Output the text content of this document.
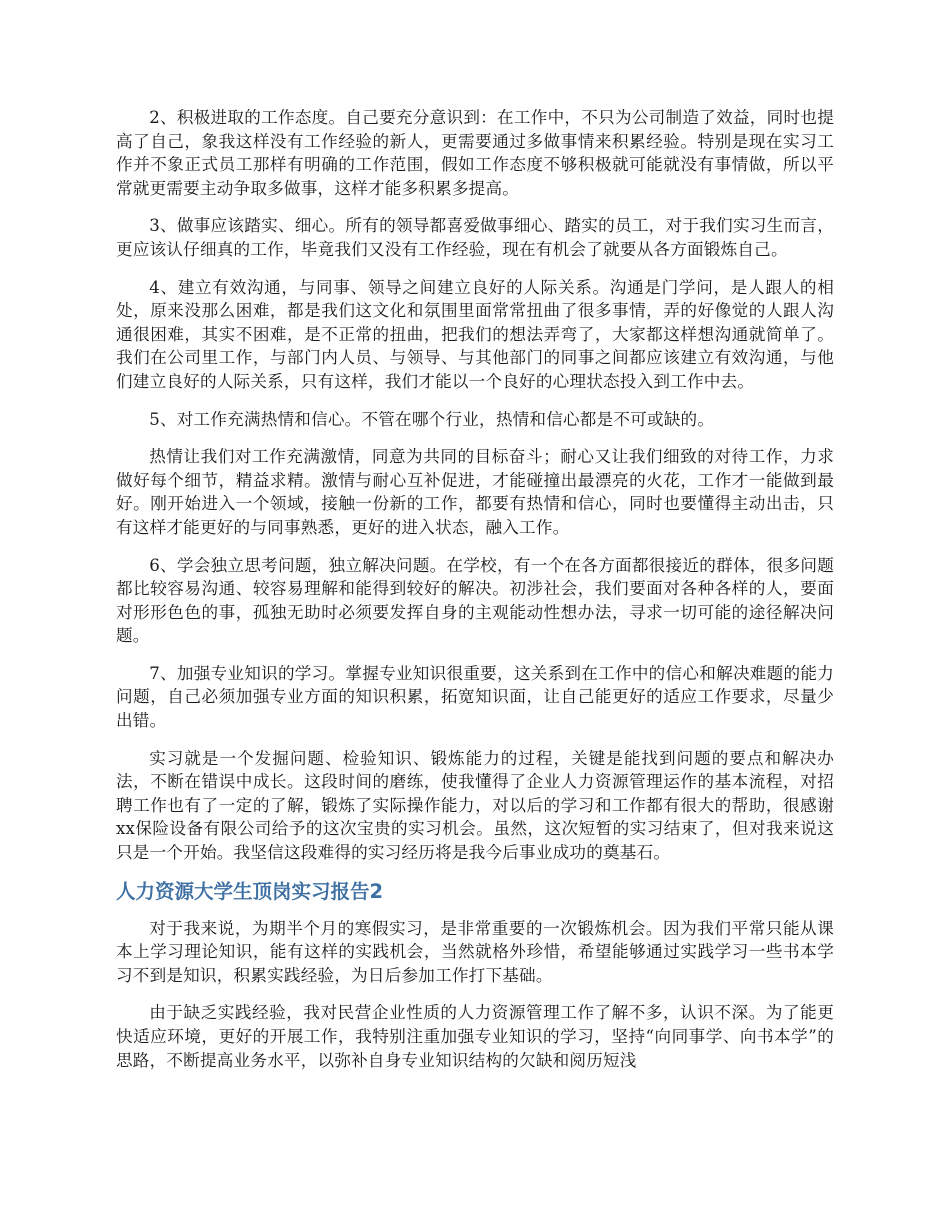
2、积极进取的工作态度。自己要充分意识到：在工作中，不只为公司制造了效益，同时也提高了自己，象我这样没有工作经验的新人，更需要通过多做事情来积累经验。特别是现在实习工作并不象正式员工那样有明确的工作范围，假如工作态度不够积极就可能就没有事情做，所以平常就更需要主动争取多做事，这样才能多积累多提高。

3、做事应该踏实、细心。所有的领导都喜爱做事细心、踏实的员工，对于我们实习生而言，更应该认仔细真的工作，毕竟我们又没有工作经验，现在有机会了就要从各方面锻炼自己。

4、建立有效沟通，与同事、领导之间建立良好的人际关系。沟通是门学问，是人跟人的相处，原来没那么困难，都是我们这文化和氛围里面常常扭曲了很多事情，弄的好像觉的人跟人沟通很困难，其实不困难，是不正常的扭曲，把我们的想法弄弯了，大家都这样想沟通就简单了。我们在公司里工作，与部门内人员、与领导、与其他部门的同事之间都应该建立有效沟通，与他们建立良好的人际关系，只有这样，我们才能以一个良好的心理状态投入到工作中去。

5、对工作充满热情和信心。不管在哪个行业，热情和信心都是不可或缺的。

热情让我们对工作充满激情，同意为共同的目标奋斗；耐心又让我们细致的对待工作，力求做好每个细节，精益求精。激情与耐心互补促进，才能碰撞出最漂亮的火花，工作才一能做到最好。刚开始进入一个领域，接触一份新的工作，都要有热情和信心，同时也要懂得主动出击，只有这样才能更好的与同事熟悉，更好的进入状态，融入工作。

6、学会独立思考问题，独立解决问题。在学校，有一个在各方面都很接近的群体，很多问题都比较容易沟通、较容易理解和能得到较好的解决。初涉社会，我们要面对各种各样的人，要面对形形色色的事，孤独无助时必须要发挥自身的主观能动性想办法，寻求一切可能的途径解决问题。

7、加强专业知识的学习。掌握专业知识很重要，这关系到在工作中的信心和解决难题的能力问题，自己必须加强专业方面的知识积累，拓宽知识面，让自己能更好的适应工作要求，尽量少出错。

实习就是一个发掘问题、检验知识、锻炼能力的过程，关键是能找到问题的要点和解决办法，不断在错误中成长。这段时间的磨练，使我懂得了企业人力资源管理运作的基本流程，对招聘工作也有了一定的了解，锻炼了实际操作能力，对以后的学习和工作都有很大的帮助，很感谢xx保险设备有限公司给予的这次宝贵的实习机会。虽然，这次短暂的实习结束了，但对我来说这只是一个开始。我坚信这段难得的实习经历将是我今后事业成功的奠基石。

人力资源大学生顶岗实习报告2

对于我来说，为期半个月的寒假实习，是非常重要的一次锻炼机会。因为我们平常只能从课本上学习理论知识，能有这样的实践机会，当然就格外珍惜，希望能够通过实践学习一些书本学习不到是知识，积累实践经验，为日后参加工作打下基础。

由于缺乏实践经验，我对民营企业性质的人力资源管理工作了解不多，认识不深。为了能更快适应环境，更好的开展工作，我特别注重加强专业知识的学习，坚持“向同事学、向书本学”的思路，不断提高业务水平，以弥补自身专业知识结构的欠缺和阅历短浅
